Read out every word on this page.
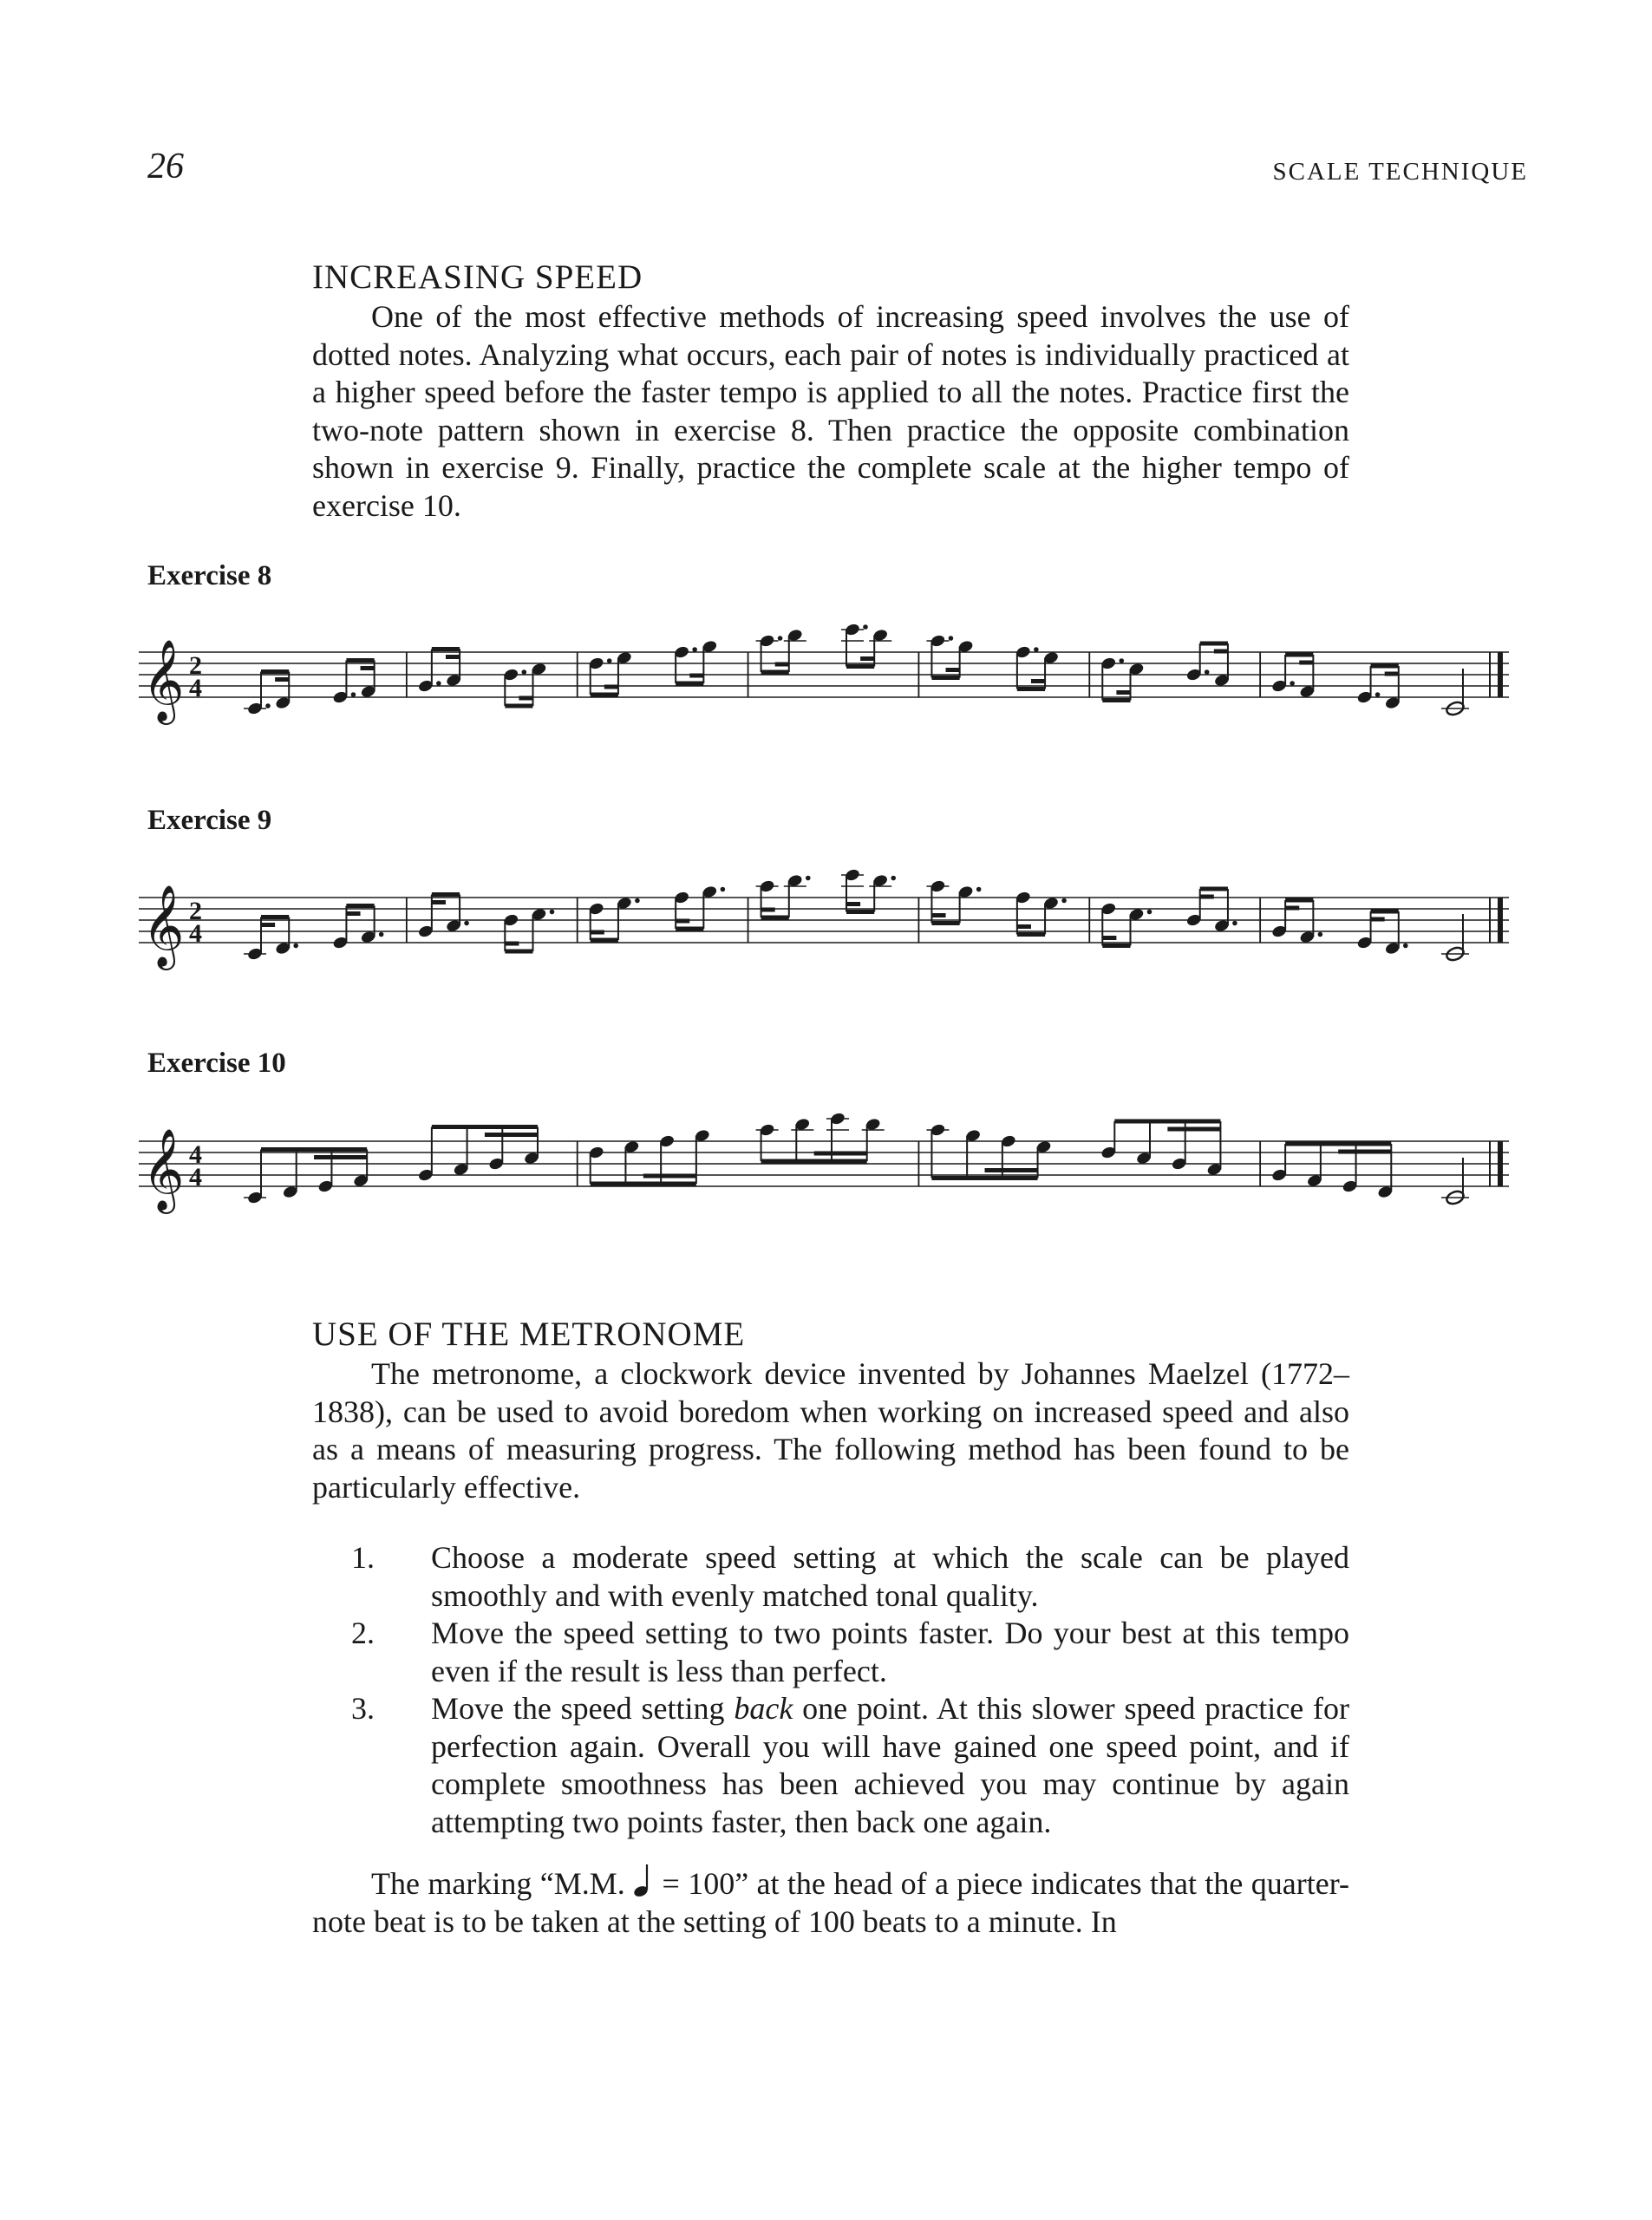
26	SCALE TECHNIQUE
INCREASING SPEED

One of the most effective methods of increasing speed involves the use of dotted notes. Analyzing what occurs, each pair of notes is individually practiced at a higher speed before the faster tempo is applied to all the notes. Practice first the two-note pattern shown in exercise 8. Then practice the opposite combination shown in exercise 9. Finally, practice the complete scale at the higher tempo of exercise 10.

Exercise 8
𝄞 2
4
Exercise 9
𝄞 2
4
Exercise 10
𝄞 4
4
USE OF THE METRONOME

The metronome, a clockwork device invented by Johannes Maelzel (1772–1838), can be used to avoid boredom when working on increased speed and also as a means of measuring progress. The following method has been found to be particularly effective.

1.	Choose a moderate speed setting at which the scale can be played smoothly and with evenly matched tonal quality.
2.	Move the speed setting to two points faster. Do your best at this tempo even if the result is less than perfect.
3.	Move the speed setting back one point. At this slower speed practice for perfection again. Overall you will have gained one speed point, and if complete smoothness has been achieved you may continue by again attempting two points faster, then back one again.

The marking “M.M.  = 100” at the head of a piece indicates that the quarter-note beat is to be taken at the setting of 100 beats to a minute. In
